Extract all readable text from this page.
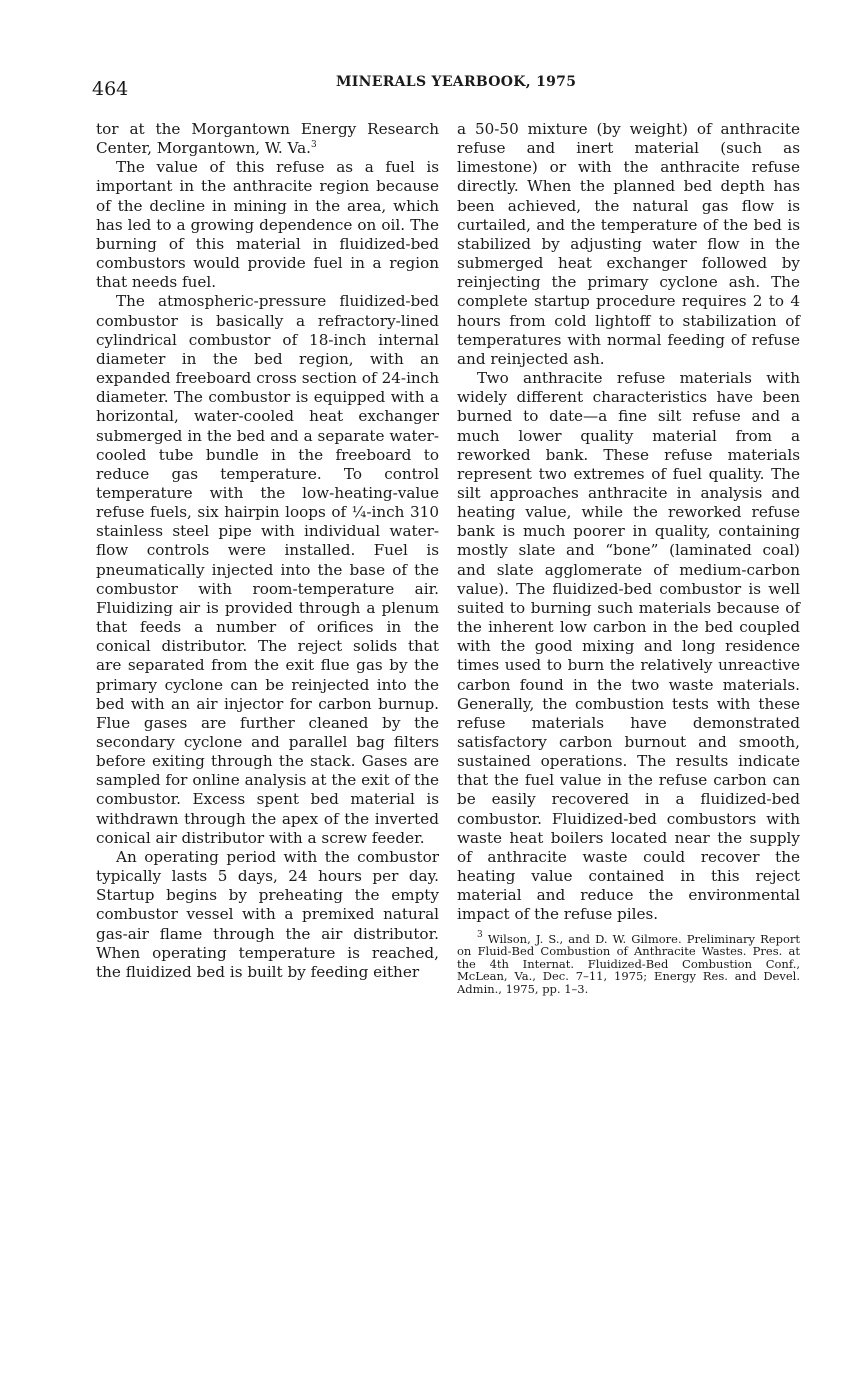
464	MINERALS YEARBOOK, 1975

tor at the Morgantown Energy Research Center, Morgantown, W. Va.$^3$

The value of this refuse as a fuel is important in the anthracite region because of the decline in mining in the area, which has led to a growing dependence on oil. The burning of this material in fluidized-bed combustors would provide fuel in a region that needs fuel.

The atmospheric-pressure fluidized-bed combustor is basically a refractory-lined cylindrical combustor of 18-inch internal diameter in the bed region, with an expanded freeboard cross section of 24-inch diameter. The combustor is equipped with a horizontal, water-cooled heat exchanger submerged in the bed and a separate water-cooled tube bundle in the freeboard to reduce gas temperature. To control temperature with the low-heating-value refuse fuels, six hairpin loops of ¼-inch 310 stainless steel pipe with individual water-flow controls were installed. Fuel is pneumatically injected into the base of the combustor with room-temperature air. Fluidizing air is provided through a plenum that feeds a number of orifices in the conical distributor. The reject solids that are separated from the exit flue gas by the primary cyclone can be reinjected into the bed with an air injector for carbon burnup. Flue gases are further cleaned by the secondary cyclone and parallel bag filters before exiting through the stack. Gases are sampled for online analysis at the exit of the combustor. Excess spent bed material is withdrawn through the apex of the inverted conical air distributor with a screw feeder.

An operating period with the combustor typically lasts 5 days, 24 hours per day. Startup begins by preheating the empty combustor vessel with a premixed natural gas-air flame through the air distributor. When operating temperature is reached, the fluidized bed is built by feeding either

a 50-50 mixture (by weight) of anthracite refuse and inert material (such as limestone) or with the anthracite refuse directly. When the planned bed depth has been achieved, the natural gas flow is curtailed, and the temperature of the bed is stabilized by adjusting water flow in the submerged heat exchanger followed by reinjecting the primary cyclone ash. The complete startup procedure requires 2 to 4 hours from cold lightoff to stabilization of temperatures with normal feeding of refuse and reinjected ash.

Two anthracite refuse materials with widely different characteristics have been burned to date—a fine silt refuse and a much lower quality material from a reworked bank. These refuse materials represent two extremes of fuel quality. The silt approaches anthracite in analysis and heating value, while the reworked refuse bank is much poorer in quality, containing mostly slate and “bone” (laminated coal) and slate agglomerate of medium-carbon value). The fluidized-bed combustor is well suited to burning such materials because of the inherent low carbon in the bed coupled with the good mixing and long residence times used to burn the relatively unreactive carbon found in the two waste materials. Generally, the combustion tests with these refuse materials have demonstrated satisfactory carbon burnout and smooth, sustained operations. The results indicate that the fuel value in the refuse carbon can be easily recovered in a fluidized-bed combustor. Fluidized-bed combustors with waste heat boilers located near the supply of anthracite waste could recover the heating value contained in this reject material and reduce the environmental impact of the refuse piles.

$^3$ Wilson, J. S., and D. W. Gilmore. Preliminary Report on Fluid-Bed Combustion of Anthracite Wastes. Pres. at the 4th Internat. Fluidized-Bed Combustion Conf., McLean, Va., Dec. 7–11, 1975; Energy Res. and Devel. Admin., 1975, pp. 1–3.
